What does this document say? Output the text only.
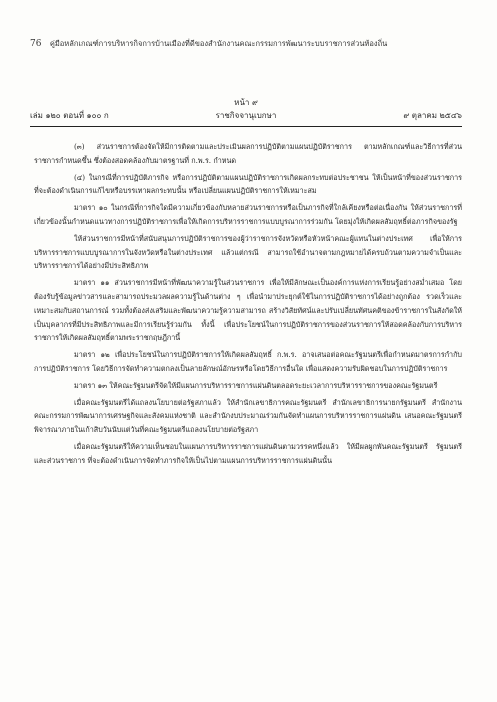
76 คู่มือหลักเกณฑ์การบริหารกิจการบ้านเมืองที่ดีของสำนักงานคณะกรรมการพัฒนาระบบราชการส่วนท้องถิ่น
หน้า ๙
เล่ม ๑๒๐ ตอนที่ ๑๐๐ ก	ราชกิจจานุเบกษา	๙ ตุลาคม ๒๕๔๖

(๓) ส่วนราชการต้องจัดให้มีการติดตามและประเมินผลการปฏิบัติตามแผนปฏิบัติราชการ ตามหลักเกณฑ์และวิธีการที่ส่วนราชการกำหนดขึ้น ซึ่งต้องสอดคล้องกับมาตรฐานที่ ก.พ.ร. กำหนด

(๔) ในกรณีที่การปฏิบัติภารกิจ หรือการปฏิบัติตามแผนปฏิบัติราชการเกิดผลกระทบต่อประชาชน ให้เป็นหน้าที่ของส่วนราชการที่จะต้องดำเนินการแก้ไขหรือบรรเทาผลกระทบนั้น หรือเปลี่ยนแผนปฏิบัติราชการให้เหมาะสม

มาตรา ๑๐ ในกรณีที่การกิจใดมีความเกี่ยวข้องกับหลายส่วนราชการหรือเป็นภารกิจที่ใกล้เคียงหรือต่อเนื่องกัน ให้ส่วนราชการที่เกี่ยวข้องนั้นกำหนดแนวทางการปฏิบัติราชการเพื่อให้เกิดการบริหารราชการแบบบูรณาการร่วมกัน โดยมุ่งให้เกิดผลสัมฤทธิ์ต่อภารกิจของรัฐ

ให้ส่วนราชการมีหน้าที่สนับสนุนการปฏิบัติราชการของผู้ว่าราชการจังหวัดหรือหัวหน้าคณะผู้แทนในต่างประเทศ เพื่อให้การบริหารราชการแบบบูรณาการในจังหวัดหรือในต่างประเทศ แล้วแต่กรณี สามารถใช้อำนาจตามกฎหมายได้ครบถ้วนตามความจำเป็นและบริหารราชการได้อย่างมีประสิทธิภาพ

มาตรา ๑๑ ส่วนราชการมีหน้าที่พัฒนาความรู้ในส่วนราชการ เพื่อให้มีลักษณะเป็นองค์การแห่งการเรียนรู้อย่างสม่ำเสมอ โดยต้องรับรู้ข้อมูลข่าวสารและสามารถประมวลผลความรู้ในด้านต่าง ๆ เพื่อนำมาประยุกต์ใช้ในการปฏิบัติราชการได้อย่างถูกต้อง รวดเร็วและเหมาะสมกับสถานการณ์ รวมทั้งต้องส่งเสริมและพัฒนาความรู้ความสามารถ สร้างวิสัยทัศน์และปรับเปลี่ยนทัศนคติของข้าราชการในสังกัดให้เป็นบุคลากรที่มีประสิทธิภาพและมีการเรียนรู้ร่วมกัน ทั้งนี้ เพื่อประโยชน์ในการปฏิบัติราชการของส่วนราชการให้สอดคล้องกับการบริหารราชการให้เกิดผลสัมฤทธิ์ตามพระราชกฤษฎีกานี้

มาตรา ๑๒ เพื่อประโยชน์ในการปฏิบัติราชการให้เกิดผลสัมฤทธิ์ ก.พ.ร. อาจเสนอต่อคณะรัฐมนตรีเพื่อกำหนดมาตรการกำกับการปฏิบัติราชการ โดยวิธีการจัดทำความตกลงเป็นลายลักษณ์อักษรหรือโดยวิธีการอื่นใด เพื่อแสดงความรับผิดชอบในการปฏิบัติราชการ

มาตรา ๑๓ ให้คณะรัฐมนตรีจัดให้มีแผนการบริหารราชการแผ่นดินตลอดระยะเวลาการบริหารราชการของคณะรัฐมนตรี

เมื่อคณะรัฐมนตรีได้แถลงนโยบายต่อรัฐสภาแล้ว ให้สำนักเลขาธิการคณะรัฐมนตรี สำนักเลขาธิการนายกรัฐมนตรี สำนักงานคณะกรรมการพัฒนาการเศรษฐกิจและสังคมแห่งชาติ และสำนักงบประมาณร่วมกันจัดทำแผนการบริหารราชการแผ่นดิน เสนอคณะรัฐมนตรีพิจารณาภายในเก้าสิบวันนับแต่วันที่คณะรัฐมนตรีแถลงนโยบายต่อรัฐสภา

เมื่อคณะรัฐมนตรีให้ความเห็นชอบในแผนการบริหารราชการแผ่นดินตามวรรคหนึ่งแล้ว ให้มีผลผูกพันคณะรัฐมนตรี รัฐมนตรี และส่วนราชการ ที่จะต้องดำเนินการจัดทำภารกิจให้เป็นไปตามแผนการบริหารราชการแผ่นดินนั้น
